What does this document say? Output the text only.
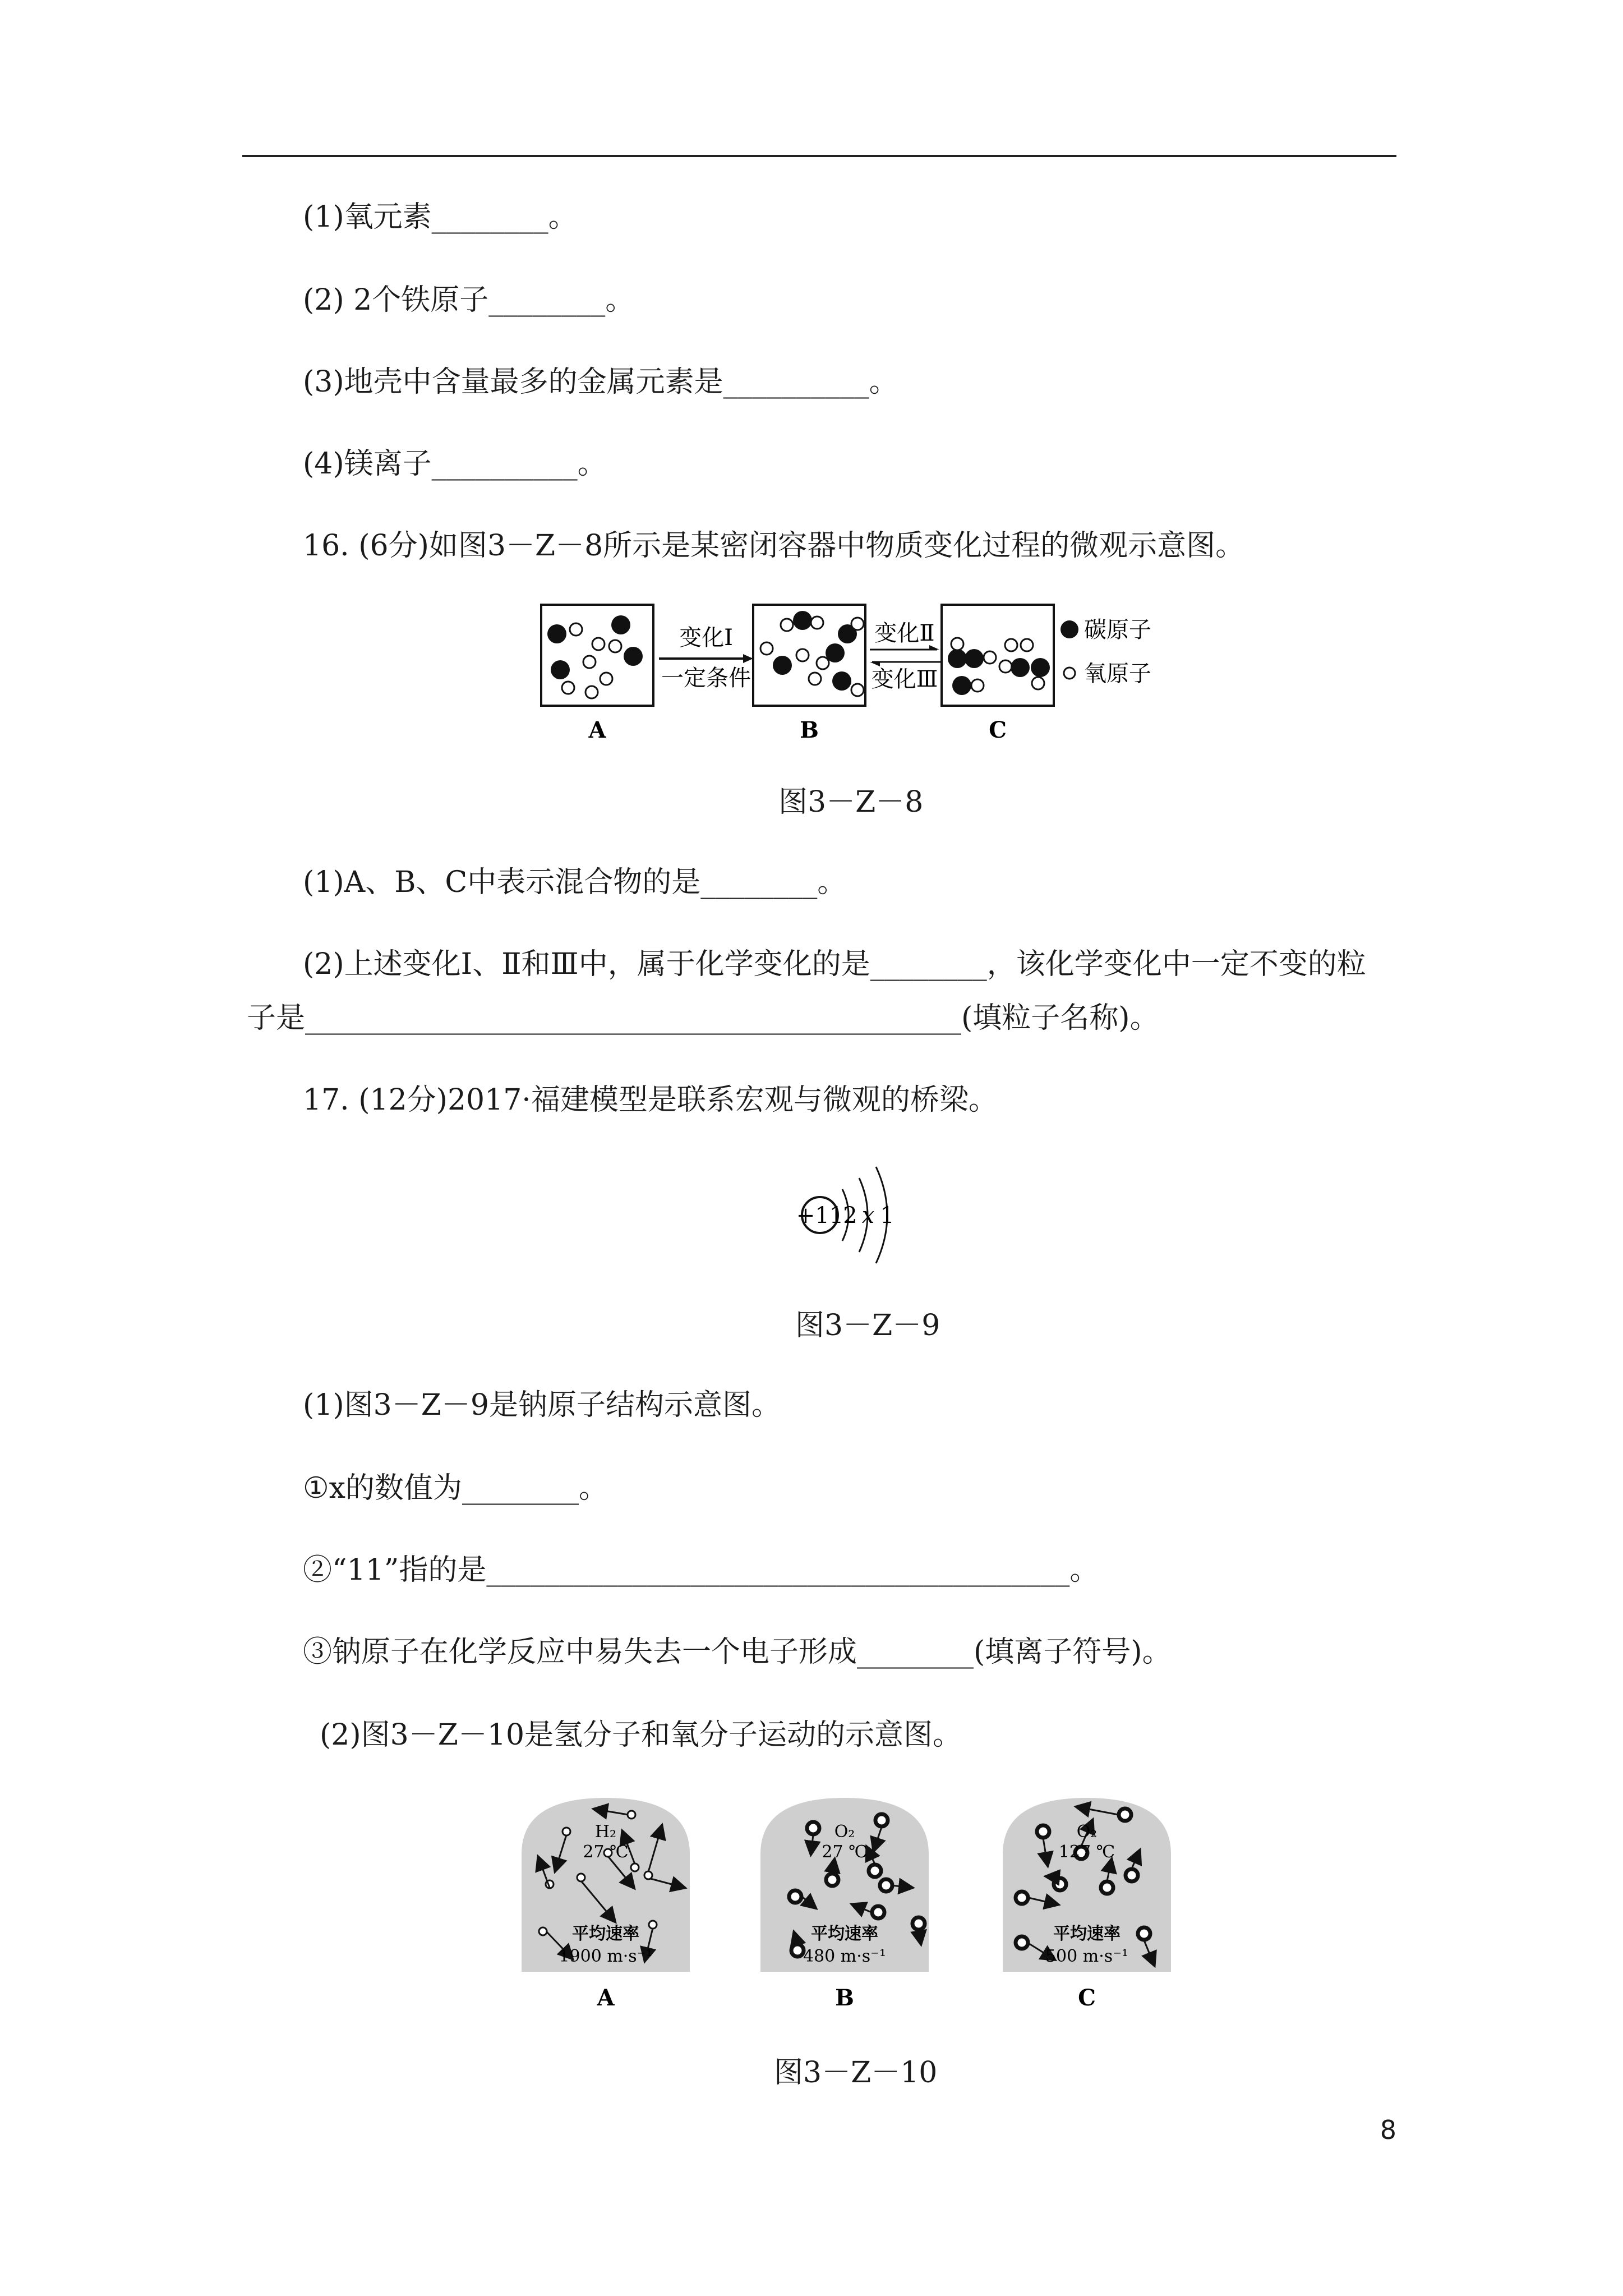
(1)氧元素________。
(2) 2个铁原子________。
(3)地壳中含量最多的金属元素是__________。
(4)镁离子__________。
16. (6分)如图3－Z－8所示是某密闭容器中物质变化过程的微观示意图。
A
变化Ⅰ
一定条件
B
变化Ⅱ
变化Ⅲ
C
碳原子
氧原子
图3－Z－8
(1)A、B、C中表示混合物的是________。
(2)上述变化Ⅰ、Ⅱ和Ⅲ中，属于化学变化的是________，该化学变化中一定不变的粒
子是_____________________________________________(填粒子名称)。
17. (12分)2017·福建模型是联系宏观与微观的桥梁。
+11 2 x 1
图3－Z－9
(1)图3－Z－9是钠原子结构示意图。
①x的数值为________。
②“11”指的是________________________________________。
③钠原子在化学反应中易失去一个电子形成________(填离子符号)。
(2)图3－Z－10是氢分子和氧分子运动的示意图。
H₂
27 ℃
平均速率
1900 m·s⁻¹
A
O₂
27 ℃
平均速率
480 m·s⁻¹
B
O₂
127 ℃
平均速率
500 m·s⁻¹
C
图3－Z－10
8
